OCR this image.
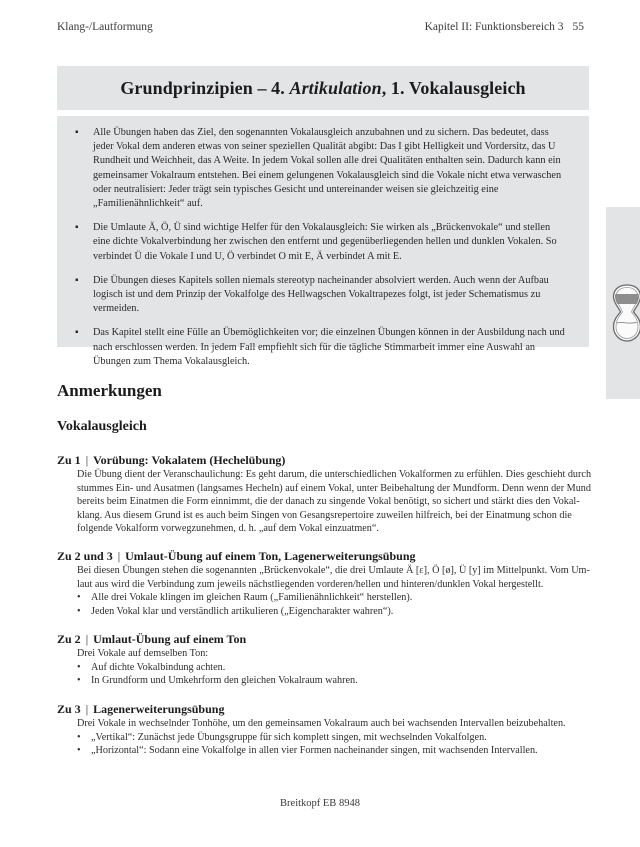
Klang-/Lautformung	Kapitel II: Funktionsbereich 3 55
Grundprinzipien – 4. Artikulation, 1. Vokalausgleich
▪ Alle Übungen haben das Ziel, den sogenannten Vokalausgleich anzubahnen und zu sichern. Das bedeutet, dass jeder Vokal dem anderen etwas von seiner speziellen Qualität abgibt: Das I gibt Helligkeit und Vordersitz, das U Rundheit und Weichheit, das A Weite. In jedem Vokal sollen alle drei Qualitäten enthalten sein. Dadurch kann ein gemeinsamer Vokalraum entstehen. Bei einem gelungenen Vokalausgleich sind die Vokale nicht etwa verwaschen oder neutralisiert: Jeder trägt sein typisches Gesicht und untereinander weisen sie gleichzeitig eine „Familienähnlichkeit“ auf.
▪ Die Umlaute Ä, Ö, Ü sind wichtige Helfer für den Vokalausgleich: Sie wirken als „Brückenvokale“ und stellen eine dichte Vokalverbindung her zwischen den entfernt und gegenüberliegenden hellen und dunklen Vokalen. So verbindet Ü die Vokale I und U, Ö verbindet O mit E, Ä verbindet A mit E.
▪ Die Übungen dieses Kapitels sollen niemals stereotyp nacheinander absolviert werden. Auch wenn der Aufbau logisch ist und dem Prinzip der Vokalfolge des Hellwagschen Vokaltrapezes folgt, ist jeder Schematismus zu vermeiden.
▪ Das Kapitel stellt eine Fülle an Übemöglichkeiten vor; die einzelnen Übungen können in der Ausbildung nach und nach erschlossen werden. In jedem Fall empfiehlt sich für die tägliche Stimmarbeit immer eine Auswahl an Übungen zum Thema Vokalausgleich.
Anmerkungen
Vokalausgleich
Zu 1 | Vorübung: Vokalatem (Hechelübung)

Die Übung dient der Veranschaulichung: Es geht darum, die unterschiedlichen Vokalformen zu erfühlen. Dies geschieht durch stummes Ein- und Ausatmen (langsames Hecheln) auf einem Vokal, unter Beibehaltung der Mundform. Denn wenn der Mund bereits beim Einatmen die Form einnimmt, die der danach zu singende Vokal benötigt, so sichert und stärkt dies den Vokalklang. Aus diesem Grund ist es auch beim Singen von Gesangsrepertoire zuweilen hilfreich, bei der Einatmung schon die folgende Vokalform vorwegzunehmen, d. h. „auf dem Vokal einzuatmen“.

Zu 2 und 3 | Umlaut-Übung auf einem Ton, Lagenerweiterungsübung

Bei diesen Übungen stehen die sogenannten „Brückenvokale“, die drei Umlaute Ä [ɛ], Ö [ø], Ü [y] im Mittelpunkt. Vom Umlaut aus wird die Verbindung zum jeweils nächstliegenden vorderen/hellen und hinteren/dunklen Vokal hergestellt.

• Alle drei Vokale klingen im gleichen Raum („Familienähnlichkeit“ herstellen).
• Jeden Vokal klar und verständlich artikulieren („Eigencharakter wahren“).
Zu 2 | Umlaut-Übung auf einem Ton

Drei Vokale auf demselben Ton:

• Auf dichte Vokalbindung achten.
• In Grundform und Umkehrform den gleichen Vokalraum wahren.
Zu 3 | Lagenerweiterungsübung

Drei Vokale in wechselnder Tonhöhe, um den gemeinsamen Vokalraum auch bei wachsenden Intervallen beizubehalten.

• „Vertikal“: Zunächst jede Übungsgruppe für sich komplett singen, mit wechselnden Vokalfolgen.
• „Horizontal“: Sodann eine Vokalfolge in allen vier Formen nacheinander singen, mit wachsenden Intervallen.
Breitkopf EB 8948
